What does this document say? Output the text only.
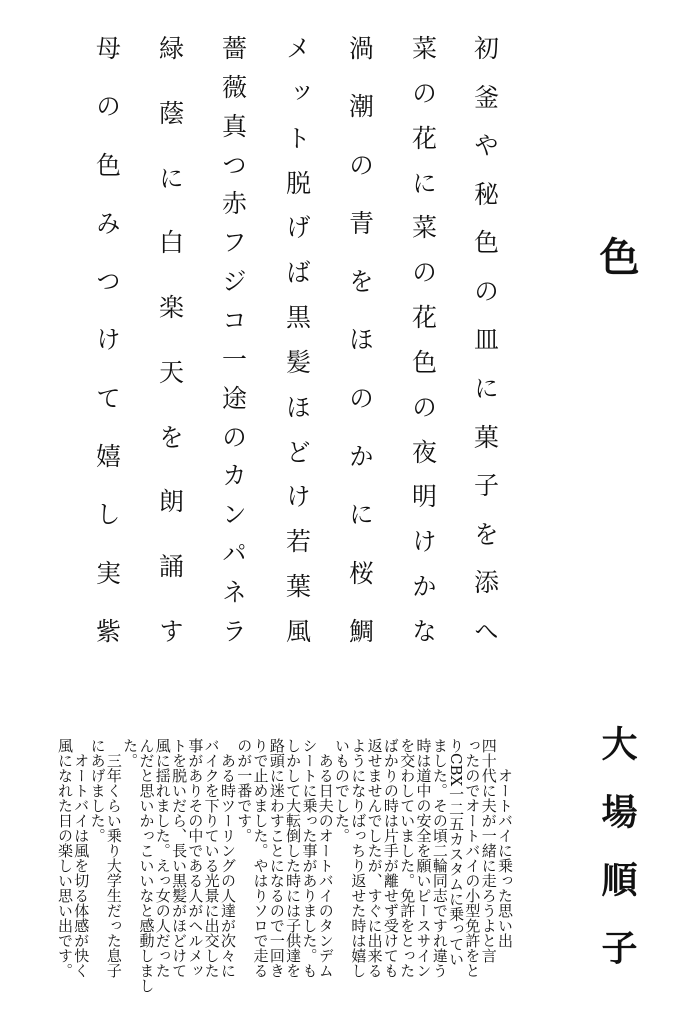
初
釜
や
秘
色
の
皿
に
菓
子
を
添
へ
菜
の
花
に
菜
の
花
色
の
夜
明
け
か
な
渦
潮
の
青
を
ほ
の
か
に
桜
鯛
メ
ッ
ト
脱
げ
ば
黒
髪
ほ
ど
け
若
葉
風
薔
薇
真
つ
赤
フ
ジ
コ
一
途
の
カ
ン
パ
ネ
ラ
緑
蔭
に
白
楽
天
を
朗
誦
す
母
の
色
み
つ
け
て
嬉
し
実
紫
色
大
場
順
子
　　オートバイに乗った思い出
四十代に夫が一緒に走ろうよと言
ったのでオートバイの小型免許をと
りCBX一二五カスタムに乗ってい
ました。その頃二輪同志ですれ違う
時は道中の安全を願いピースサイン
を交わしていました。免許をとった
ばかりの時は片手が離せず受けても
返せませんでしたが、すぐに出来る
ようになりばっちり返せた時は嬉し
いものでした。
　ある日夫のオートバイのタンデム
シートに乗った事がありました。も
しかして大転倒した時には子供達を
路頭に迷わすことになるので一回き
りで止めました。やはりソロで走る
のが一番です。
　ある時ツーリングの人達が次々に
バイクを下りている光景に出交した
事がありその中である人がヘルメッ
トを脱いだら、長い黒髪がほどけて
風に揺れました。えっ女の人だった
んだと思いかっこいいなと感動しまし
た。
　三年くらい乗り大学生だった息子
にあげました。
　オートバイは風を切る体感が快く
風になれた日の楽しい思い出です。
